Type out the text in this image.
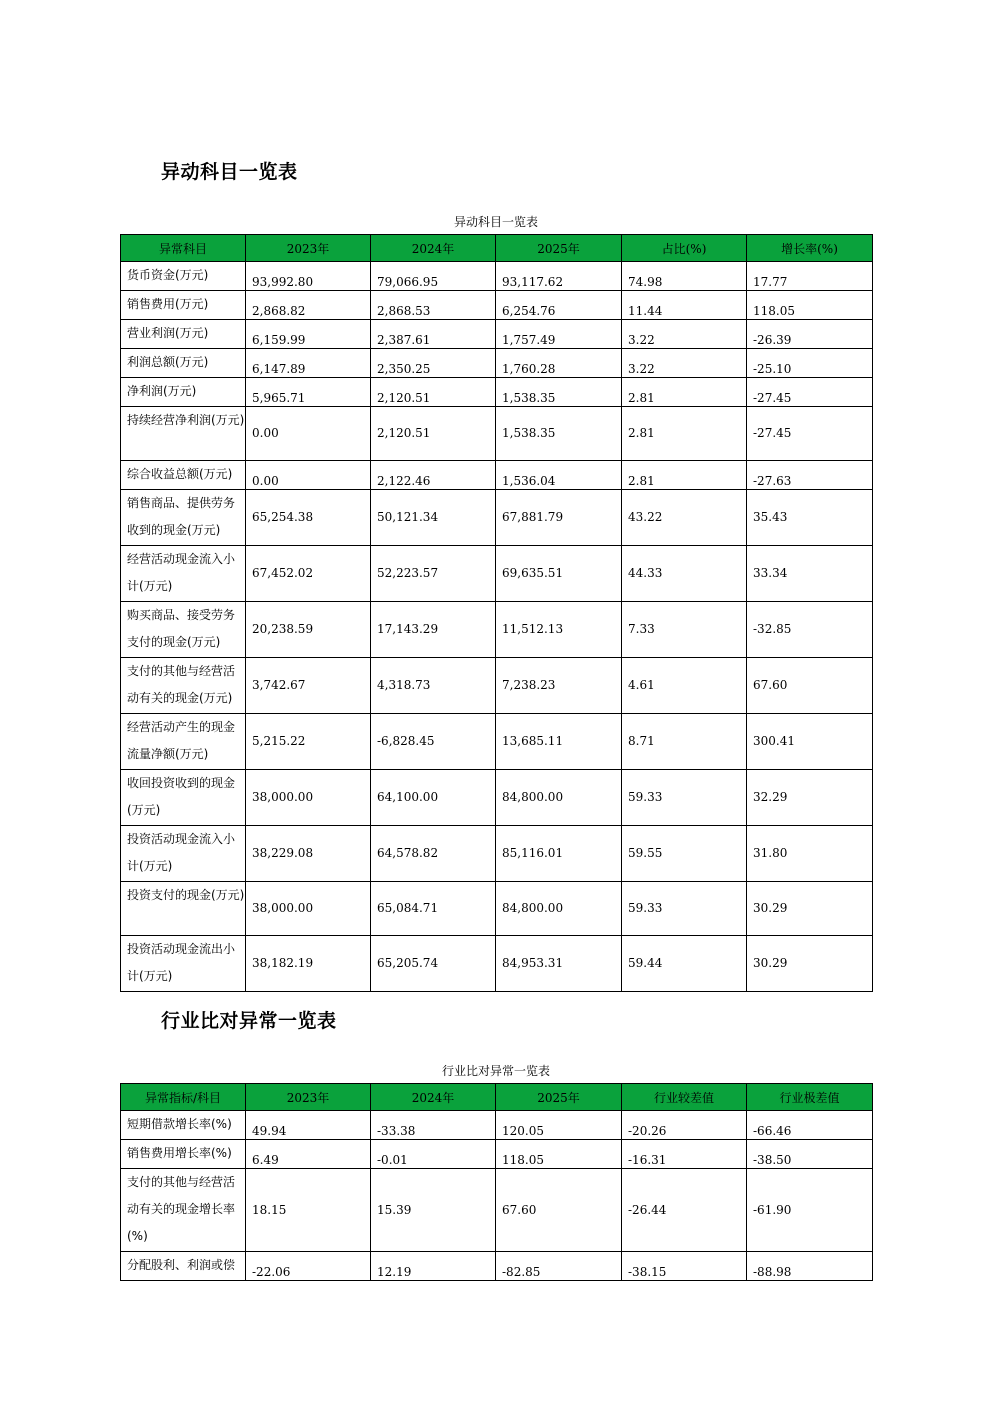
异动科目一览表
异动科目一览表
异常科目	2023年	2024年	2025年	占比(%)	增长率(%)
货币资金(万元)	93,992.80	79,066.95	93,117.62	74.98	17.77
销售费用(万元)	2,868.82	2,868.53	6,254.76	11.44	118.05
营业利润(万元)	6,159.99	2,387.61	1,757.49	3.22	-26.39
利润总额(万元)	6,147.89	2,350.25	1,760.28	3.22	-25.10
净利润(万元)	5,965.71	2,120.51	1,538.35	2.81	-27.45
持续经营净利润(万元)	0.00	2,120.51	1,538.35	2.81	-27.45
综合收益总额(万元)	0.00	2,122.46	1,536.04	2.81	-27.63
销售商品、提供劳务收到的现金(万元)	65,254.38	50,121.34	67,881.79	43.22	35.43
经营活动现金流入小计(万元)	67,452.02	52,223.57	69,635.51	44.33	33.34
购买商品、接受劳务支付的现金(万元)	20,238.59	17,143.29	11,512.13	7.33	-32.85
支付的其他与经营活动有关的现金(万元)	3,742.67	4,318.73	7,238.23	4.61	67.60
经营活动产生的现金流量净额(万元)	5,215.22	-6,828.45	13,685.11	8.71	300.41
收回投资收到的现金(万元)	38,000.00	64,100.00	84,800.00	59.33	32.29
投资活动现金流入小计(万元)	38,229.08	64,578.82	85,116.01	59.55	31.80
投资支付的现金(万元)	38,000.00	65,084.71	84,800.00	59.33	30.29
投资活动现金流出小计(万元)	38,182.19	65,205.74	84,953.31	59.44	30.29
行业比对异常一览表
行业比对异常一览表
异常指标/科目	2023年	2024年	2025年	行业较差值	行业极差值
短期借款增长率(%)	49.94	-33.38	120.05	-20.26	-66.46
销售费用增长率(%)	6.49	-0.01	118.05	-16.31	-38.50
支付的其他与经营活动有关的现金增长率(%)	18.15	15.39	67.60	-26.44	-61.90
分配股利、利润或偿	-22.06	12.19	-82.85	-38.15	-88.98
